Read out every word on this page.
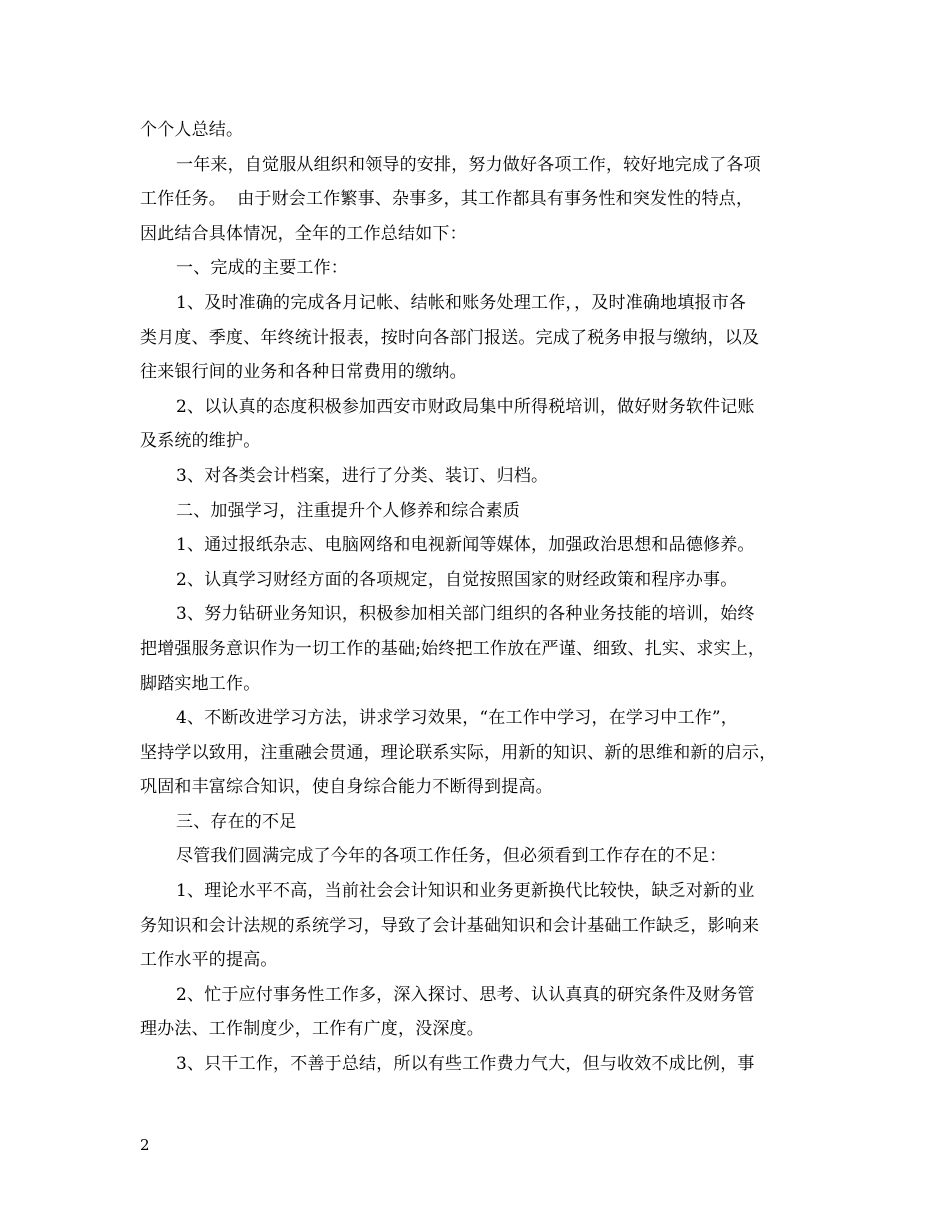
个个人总结。

一年来，自觉服从组织和领导的安排，努力做好各项工作，较好地完成了各项

工作任务。  由于财会工作繁事、杂事多，其工作都具有事务性和突发性的特点，

因此结合具体情况，全年的工作总结如下：

一、完成的主要工作：

1、及时准确的完成各月记帐、结帐和账务处理工作，，及时准确地填报市各

类月度、季度、年终统计报表，按时向各部门报送。完成了税务申报与缴纳，以及

往来银行间的业务和各种日常费用的缴纳。

2、以认真的态度积极参加西安市财政局集中所得税培训，做好财务软件记账

及系统的维护。

3、对各类会计档案，进行了分类、装订、归档。

二、加强学习，注重提升个人修养和综合素质

1、通过报纸杂志、电脑网络和电视新闻等媒体，加强政治思想和品德修养。

2、认真学习财经方面的各项规定，自觉按照国家的财经政策和程序办事。

3、努力钻研业务知识，积极参加相关部门组织的各种业务技能的培训，始终

把增强服务意识作为一切工作的基础;始终把工作放在严谨、细致、扎实、求实上，

脚踏实地工作。

4、不断改进学习方法，讲求学习效果，“在工作中学习，在学习中工作”，

坚持学以致用，注重融会贯通，理论联系实际，用新的知识、新的思维和新的启示，

巩固和丰富综合知识，使自身综合能力不断得到提高。

三、存在的不足

尽管我们圆满完成了今年的各项工作任务，但必须看到工作存在的不足：

1、理论水平不高，当前社会会计知识和业务更新换代比较快，缺乏对新的业

务知识和会计法规的系统学习，导致了会计基础知识和会计基础工作缺乏，影响来

工作水平的提高。

2、忙于应付事务性工作多，深入探讨、思考、认认真真的研究条件及财务管

理办法、工作制度少，工作有广度，没深度。

3、只干工作，不善于总结，所以有些工作费力气大，但与收效不成比例，事

2
